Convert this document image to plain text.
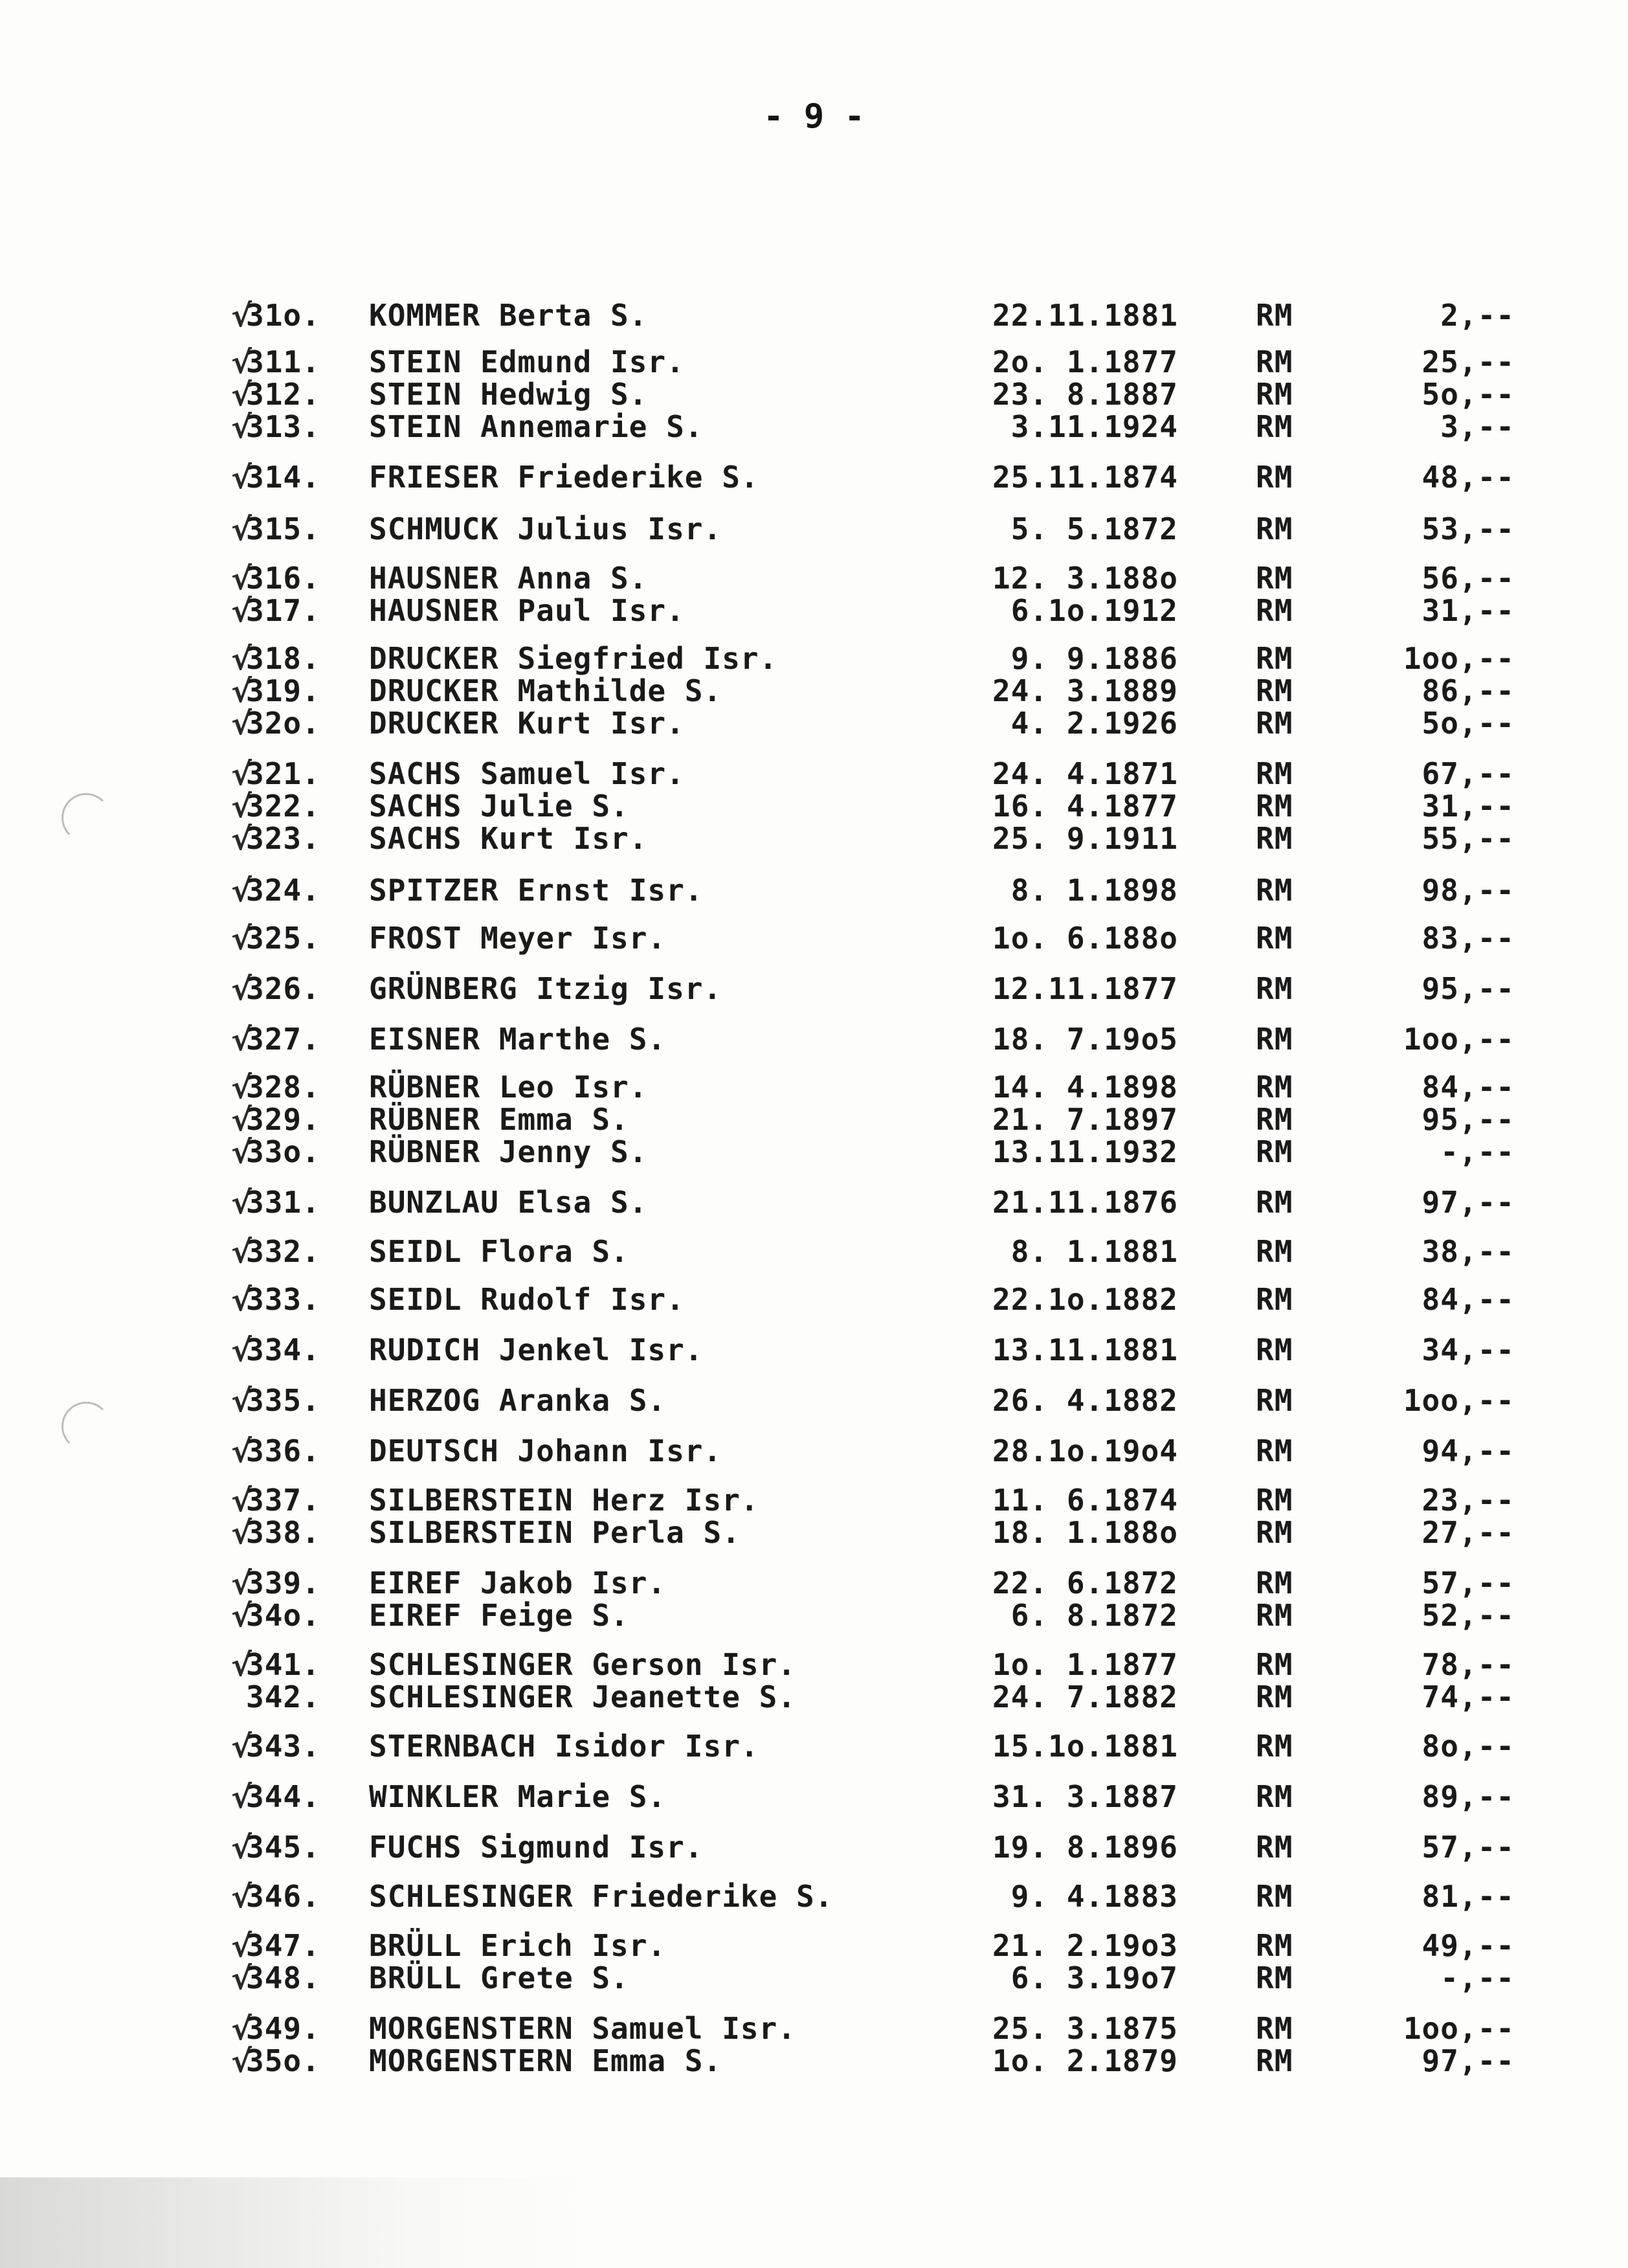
- 9 -
√
31o.	KOMMER Berta S.	22.11.1881	RM	2,--
√
311.	STEIN Edmund Isr.	2o. 1.1877	RM	25,--
√
312.	STEIN Hedwig S.	23. 8.1887	RM	5o,--
√
313.	STEIN Annemarie S.	3.11.1924	RM	3,--
√
314.	FRIESER Friederike S.	25.11.1874	RM	48,--
√
315.	SCHMUCK Julius Isr.	5. 5.1872	RM	53,--
√
316.	HAUSNER Anna S.	12. 3.188o	RM	56,--
√
317.	HAUSNER Paul Isr.	6.1o.1912	RM	31,--
√
318.	DRUCKER Siegfried Isr.	9. 9.1886	RM	1oo,--
√
319.	DRUCKER Mathilde S.	24. 3.1889	RM	86,--
√
32o.	DRUCKER Kurt Isr.	4. 2.1926	RM	5o,--
√
321.	SACHS Samuel Isr.	24. 4.1871	RM	67,--
√
322.	SACHS Julie S.	16. 4.1877	RM	31,--
√
323.	SACHS Kurt Isr.	25. 9.1911	RM	55,--
√
324.	SPITZER Ernst Isr.	8. 1.1898	RM	98,--
√
325.	FROST Meyer Isr.	1o. 6.188o	RM	83,--
√
326.	GRÜNBERG Itzig Isr.	12.11.1877	RM	95,--
√
327.	EISNER Marthe S.	18. 7.19o5	RM	1oo,--
√
328.	RÜBNER Leo Isr.	14. 4.1898	RM	84,--
√
329.	RÜBNER Emma S.	21. 7.1897	RM	95,--
√
33o.	RÜBNER Jenny S.	13.11.1932	RM	-,--
√
331.	BUNZLAU Elsa S.	21.11.1876	RM	97,--
√
332.	SEIDL Flora S.	8. 1.1881	RM	38,--
√
333.	SEIDL Rudolf Isr.	22.1o.1882	RM	84,--
√
334.	RUDICH Jenkel Isr.	13.11.1881	RM	34,--
√
335.	HERZOG Aranka S.	26. 4.1882	RM	1oo,--
√
336.	DEUTSCH Johann Isr.	28.1o.19o4	RM	94,--
√
337.	SILBERSTEIN Herz Isr.	11. 6.1874	RM	23,--
√
338.	SILBERSTEIN Perla S.	18. 1.188o	RM	27,--
√
339.	EIREF Jakob Isr.	22. 6.1872	RM	57,--
√
34o.	EIREF Feige S.	6. 8.1872	RM	52,--
√
341.	SCHLESINGER Gerson Isr.	1o. 1.1877	RM	78,--
342.	SCHLESINGER Jeanette S.	24. 7.1882	RM	74,--
√
343.	STERNBACH Isidor Isr.	15.1o.1881	RM	8o,--
√
344.	WINKLER Marie S.	31. 3.1887	RM	89,--
√
345.	FUCHS Sigmund Isr.	19. 8.1896	RM	57,--
√
346.	SCHLESINGER Friederike S.	9. 4.1883	RM	81,--
√
347.	BRÜLL Erich Isr.	21. 2.19o3	RM	49,--
√
348.	BRÜLL Grete S.	6. 3.19o7	RM	-,--
√
349.	MORGENSTERN Samuel Isr.	25. 3.1875	RM	1oo,--
√
35o.	MORGENSTERN Emma S.	1o. 2.1879	RM	97,--
